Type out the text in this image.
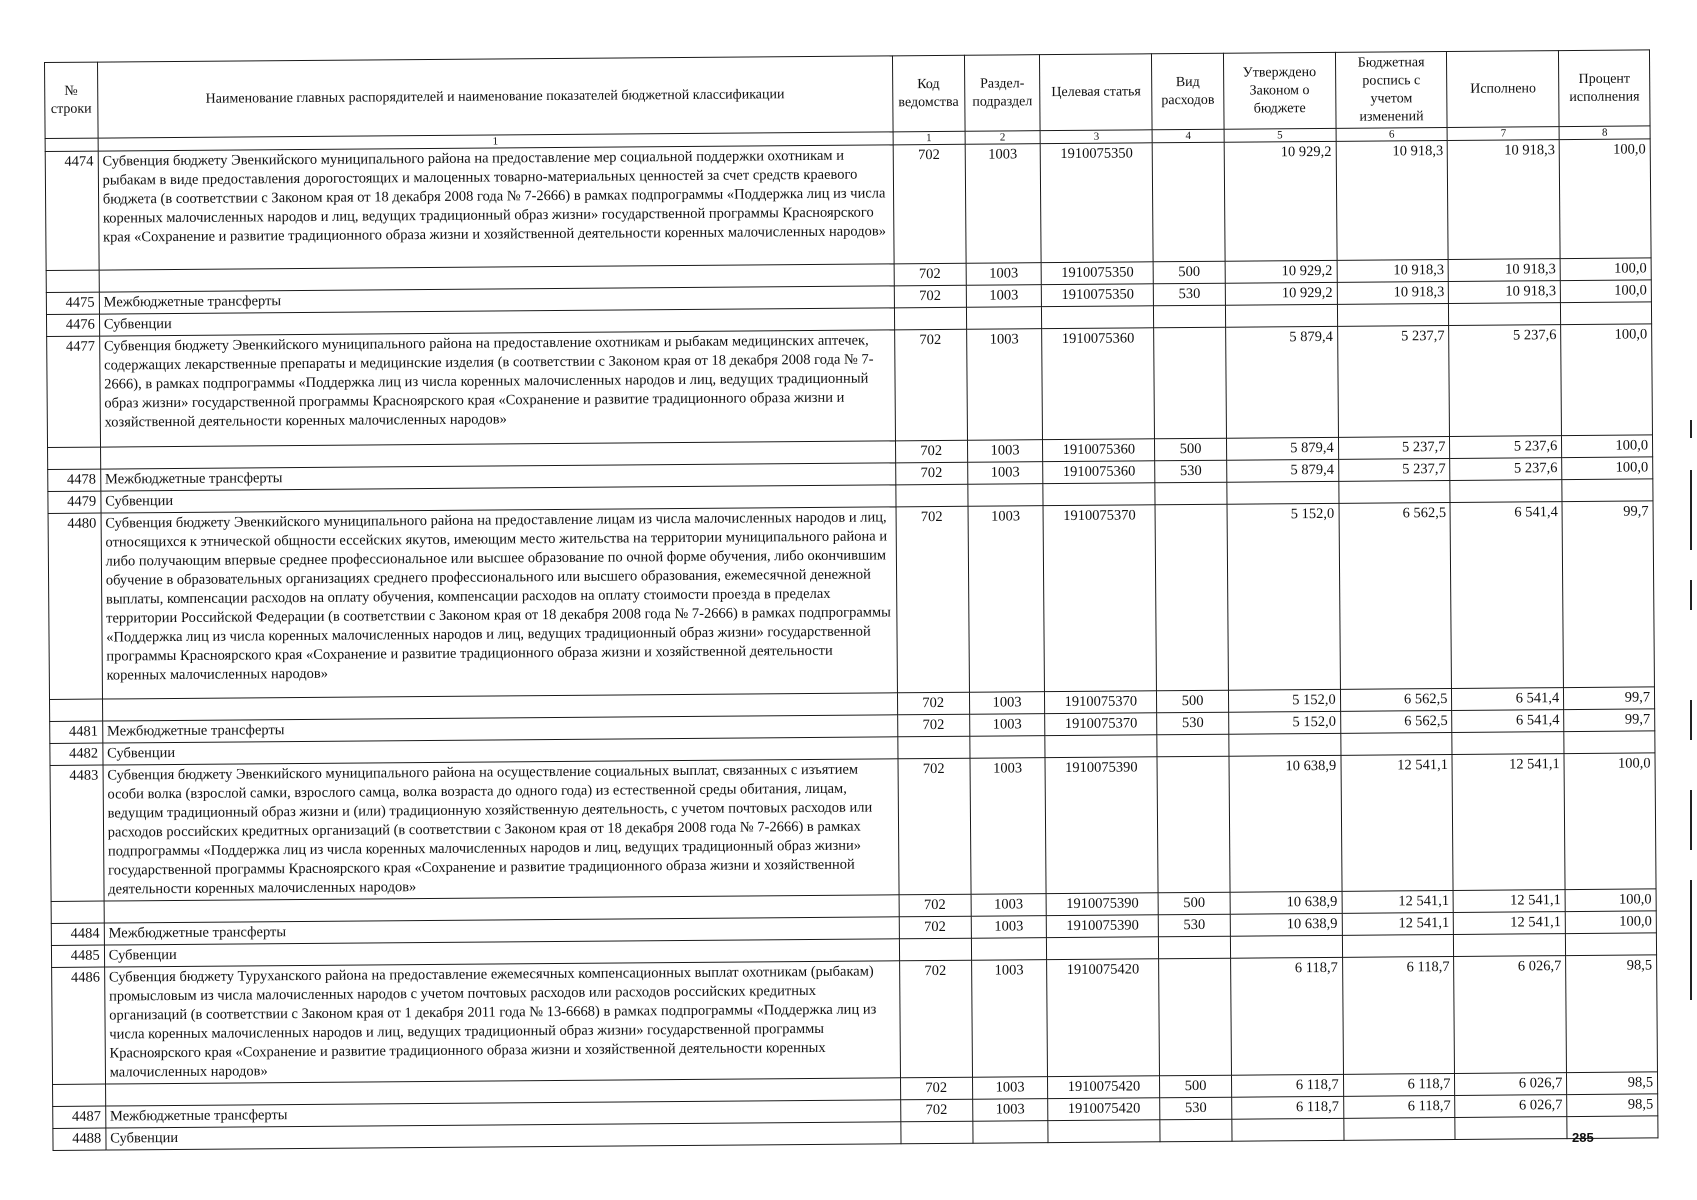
№ строки	Наименование главных распорядителей и наименование показателей бюджетной классификации	Код ведомства	Раздел-подраздел	Целевая статья	Вид расходов	Утверждено Законом о бюджете	Бюджетная роспись с учетом изменений	Исполнено	Процент исполнения
	1	1	2	3	4	5	6	7	8
4474	Субвенция бюджету Эвенкийского муниципального района на предоставление мер социальной поддержки охотникам и рыбакам в виде предоставления дорогостоящих и малоценных товарно-материальных ценностей за счет средств краевого бюджета (в соответствии с Законом края от 18 декабря 2008 года № 7-2666) в рамках подпрограммы «Поддержка лиц из числа коренных малочисленных народов и лиц, ведущих традиционный образ жизни» государственной программы Красноярского края «Сохранение и развитие традиционного образа жизни и хозяйственной деятельности коренных малочисленных народов»	702	1003	1910075350		10 929,2	10 918,3	10 918,3	100,0
		702	1003	1910075350	500	10 929,2	10 918,3	10 918,3	100,0
4475	Межбюджетные трансферты	702	1003	1910075350	530	10 929,2	10 918,3	10 918,3	100,0
4476	Субвенции								
4477	Субвенция бюджету Эвенкийского муниципального района на предоставление охотникам и рыбакам медицинских аптечек, содержащих лекарственные препараты и медицинские изделия (в соответствии с Законом края от 18 декабря 2008 года № 7-2666), в рамках подпрограммы «Поддержка лиц из числа коренных малочисленных народов и лиц, ведущих традиционный образ жизни» государственной программы Красноярского края «Сохранение и развитие традиционного образа жизни и хозяйственной деятельности коренных малочисленных народов»	702	1003	1910075360		5 879,4	5 237,7	5 237,6	100,0
		702	1003	1910075360	500	5 879,4	5 237,7	5 237,6	100,0
4478	Межбюджетные трансферты	702	1003	1910075360	530	5 879,4	5 237,7	5 237,6	100,0
4479	Субвенции								
4480	Субвенция бюджету Эвенкийского муниципального района на предоставление лицам из числа малочисленных народов и лиц, относящихся к этнической общности ессейских якутов, имеющим место жительства на территории муниципального района и либо получающим впервые среднее профессиональное или высшее образование по очной форме обучения, либо окончившим обучение в образовательных организациях среднего профессионального или высшего образования, ежемесячной денежной выплаты, компенсации расходов на оплату обучения, компенсации расходов на оплату стоимости проезда в пределах территории Российской Федерации (в соответствии с Законом края от 18 декабря 2008 года № 7-2666) в рамках подпрограммы «Поддержка лиц из числа коренных малочисленных народов и лиц, ведущих традиционный образ жизни» государственной программы Красноярского края «Сохранение и развитие традиционного образа жизни и хозяйственной деятельности коренных малочисленных народов»	702	1003	1910075370		5 152,0	6 562,5	6 541,4	99,7
		702	1003	1910075370	500	5 152,0	6 562,5	6 541,4	99,7
4481	Межбюджетные трансферты	702	1003	1910075370	530	5 152,0	6 562,5	6 541,4	99,7
4482	Субвенции								
4483	Субвенция бюджету Эвенкийского муниципального района на осуществление социальных выплат, связанных с изъятием особи волка (взрослой самки, взрослого самца, волка возраста до одного года) из естественной среды обитания, лицам, ведущим традиционный образ жизни и (или) традиционную хозяйственную деятельность, с учетом почтовых расходов или расходов российских кредитных организаций (в соответствии с Законом края от 18 декабря 2008 года № 7-2666) в рамках подпрограммы «Поддержка лиц из числа коренных малочисленных народов и лиц, ведущих традиционный образ жизни» государственной программы Красноярского края «Сохранение и развитие традиционного образа жизни и хозяйственной деятельности коренных малочисленных народов»	702	1003	1910075390		10 638,9	12 541,1	12 541,1	100,0
		702	1003	1910075390	500	10 638,9	12 541,1	12 541,1	100,0
4484	Межбюджетные трансферты	702	1003	1910075390	530	10 638,9	12 541,1	12 541,1	100,0
4485	Субвенции								
4486	Субвенция бюджету Туруханского района на предоставление ежемесячных компенсационных выплат охотникам (рыбакам) промысловым из числа малочисленных народов с учетом почтовых расходов или расходов российских кредитных организаций (в соответствии с Законом края от 1 декабря 2011 года № 13-6668) в рамках подпрограммы «Поддержка лиц из числа коренных малочисленных народов и лиц, ведущих традиционный образ жизни» государственной программы Красноярского края «Сохранение и развитие традиционного образа жизни и хозяйственной деятельности коренных малочисленных народов»	702	1003	1910075420		6 118,7	6 118,7	6 026,7	98,5
		702	1003	1910075420	500	6 118,7	6 118,7	6 026,7	98,5
4487	Межбюджетные трансферты	702	1003	1910075420	530	6 118,7	6 118,7	6 026,7	98,5
4488	Субвенции									285
